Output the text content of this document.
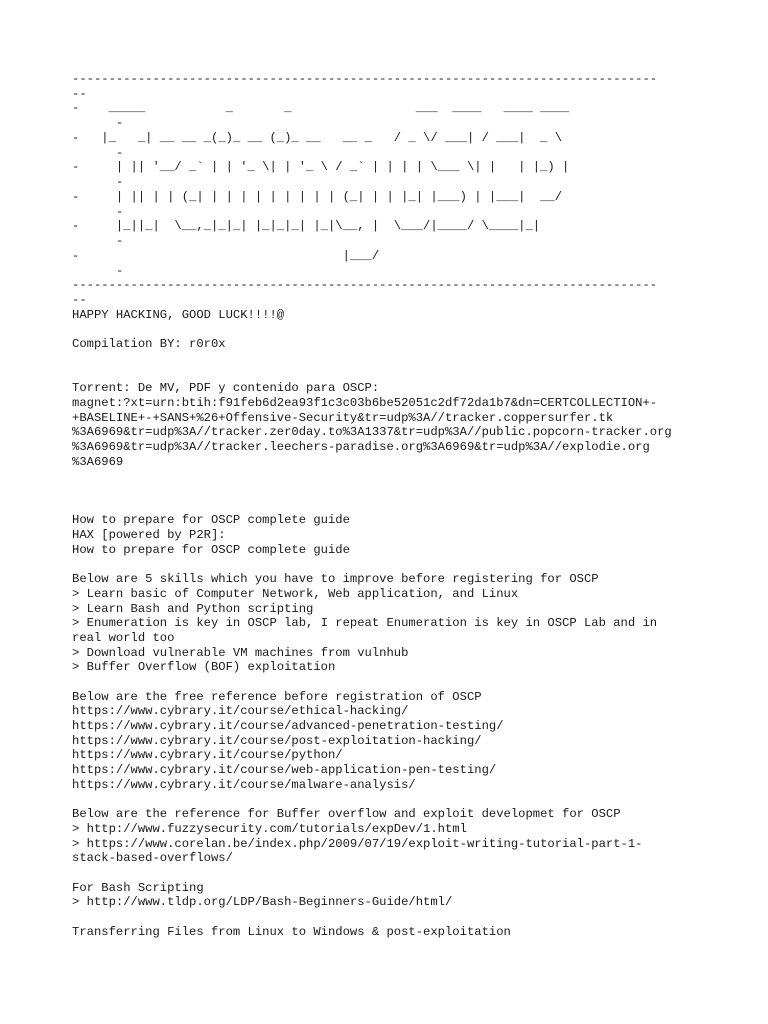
--------------------------------------------------------------------------------
--
-    _____           _       _                 ___  ____   ____ ____
-
-   |_   _| __ __ _(_)_ __ (_)_ __   __ _   / _ \/ ___| / ___|  _ \
-
-     | || '__/ _` | | '_ \| | '_ \ / _` | | | | \___ \| |   | |_) |
-
-     | || | | (_| | | | | | | | | | (_| | | |_| |___) | |___|  __/
-
-     |_||_|  \__,_|_|_| |_|_|_| |_|\__, |  \___/|____/ \____|_|
-
-                                    |___/
-
--------------------------------------------------------------------------------
--
HAPPY HACKING, GOOD LUCK!!!!@
Compilation BY: r0r0x
Torrent: De MV, PDF y contenido para OSCP:
magnet:?xt=urn:btih:f91feb6d2ea93f1c3c03b6be52051c2df72da1b7&dn=CERTCOLLECTION+-
+BASELINE+-+SANS+%26+Offensive-Security&tr=udp%3A//tracker.coppersurfer.tk
%3A6969&tr=udp%3A//tracker.zer0day.to%3A1337&tr=udp%3A//public.popcorn-tracker.org
%3A6969&tr=udp%3A//tracker.leechers-paradise.org%3A6969&tr=udp%3A//explodie.org
%3A6969
How to prepare for OSCP complete guide
HAX [powered by P2R]:
How to prepare for OSCP complete guide
Below are 5 skills which you have to improve before registering for OSCP
> Learn basic of Computer Network, Web application, and Linux
> Learn Bash and Python scripting
> Enumeration is key in OSCP lab, I repeat Enumeration is key in OSCP Lab and in
real world too
> Download vulnerable VM machines from vulnhub
> Buffer Overflow (BOF) exploitation
Below are the free reference before registration of OSCP
https://www.cybrary.it/course/ethical-hacking/
https://www.cybrary.it/course/advanced-penetration-testing/
https://www.cybrary.it/course/post-exploitation-hacking/
https://www.cybrary.it/course/python/
https://www.cybrary.it/course/web-application-pen-testing/
https://www.cybrary.it/course/malware-analysis/
Below are the reference for Buffer overflow and exploit developmet for OSCP
> http://www.fuzzysecurity.com/tutorials/expDev/1.html
> https://www.corelan.be/index.php/2009/07/19/exploit-writing-tutorial-part-1-
stack-based-overflows/
For Bash Scripting
> http://www.tldp.org/LDP/Bash-Beginners-Guide/html/
Transferring Files from Linux to Windows & post-exploitation
